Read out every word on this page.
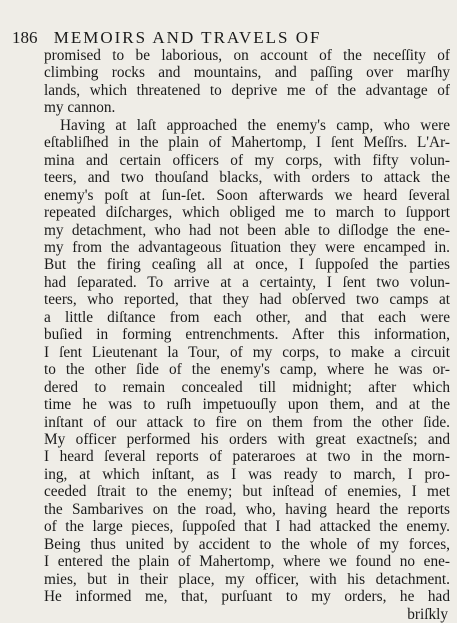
186 MEMOIRS AND TRAVELS OF
promised to be laborious, on account of the neceſſity of
climbing rocks and mountains, and paſſing over marſhy
lands, which threatened to deprive me of the advantage of
my cannon.
Having at laſt approached the enemy's camp, who were
eſtabliſhed in the plain of Mahertomp, I ſent Meſſrs. L'Ar-
mina and certain officers of my corps, with fifty volun-
teers, and two thouſand blacks, with orders to attack the
enemy's poſt at ſun-ſet. Soon afterwards we heard ſeveral
repeated diſcharges, which obliged me to march to ſupport
my detachment, who had not been able to diſlodge the ene-
my from the advantageous ſituation they were encamped in.
But the firing ceaſing all at once, I ſuppoſed the parties
had ſeparated. To arrive at a certainty, I ſent two volun-
teers, who reported, that they had obſerved two camps at
a little diſtance from each other, and that each were
buſied in forming entrenchments. After this information,
I ſent Lieutenant la Tour, of my corps, to make a circuit
to the other ſide of the enemy's camp, where he was or-
dered to remain concealed till midnight; after which
time he was to ruſh impetuouſly upon them, and at the
inſtant of our attack to fire on them from the other ſide.
My officer performed his orders with great exactneſs; and
I heard ſeveral reports of pateraroes at two in the morn-
ing, at which inſtant, as I was ready to march, I pro-
ceeded ſtrait to the enemy; but inſtead of enemies, I met
the Sambarives on the road, who, having heard the reports
of the large pieces, ſuppoſed that I had attacked the enemy.
Being thus united by accident to the whole of my forces,
I entered the plain of Mahertomp, where we found no ene-
mies, but in their place, my officer, with his detachment.
He informed me, that, purſuant to my orders, he had
briſkly
